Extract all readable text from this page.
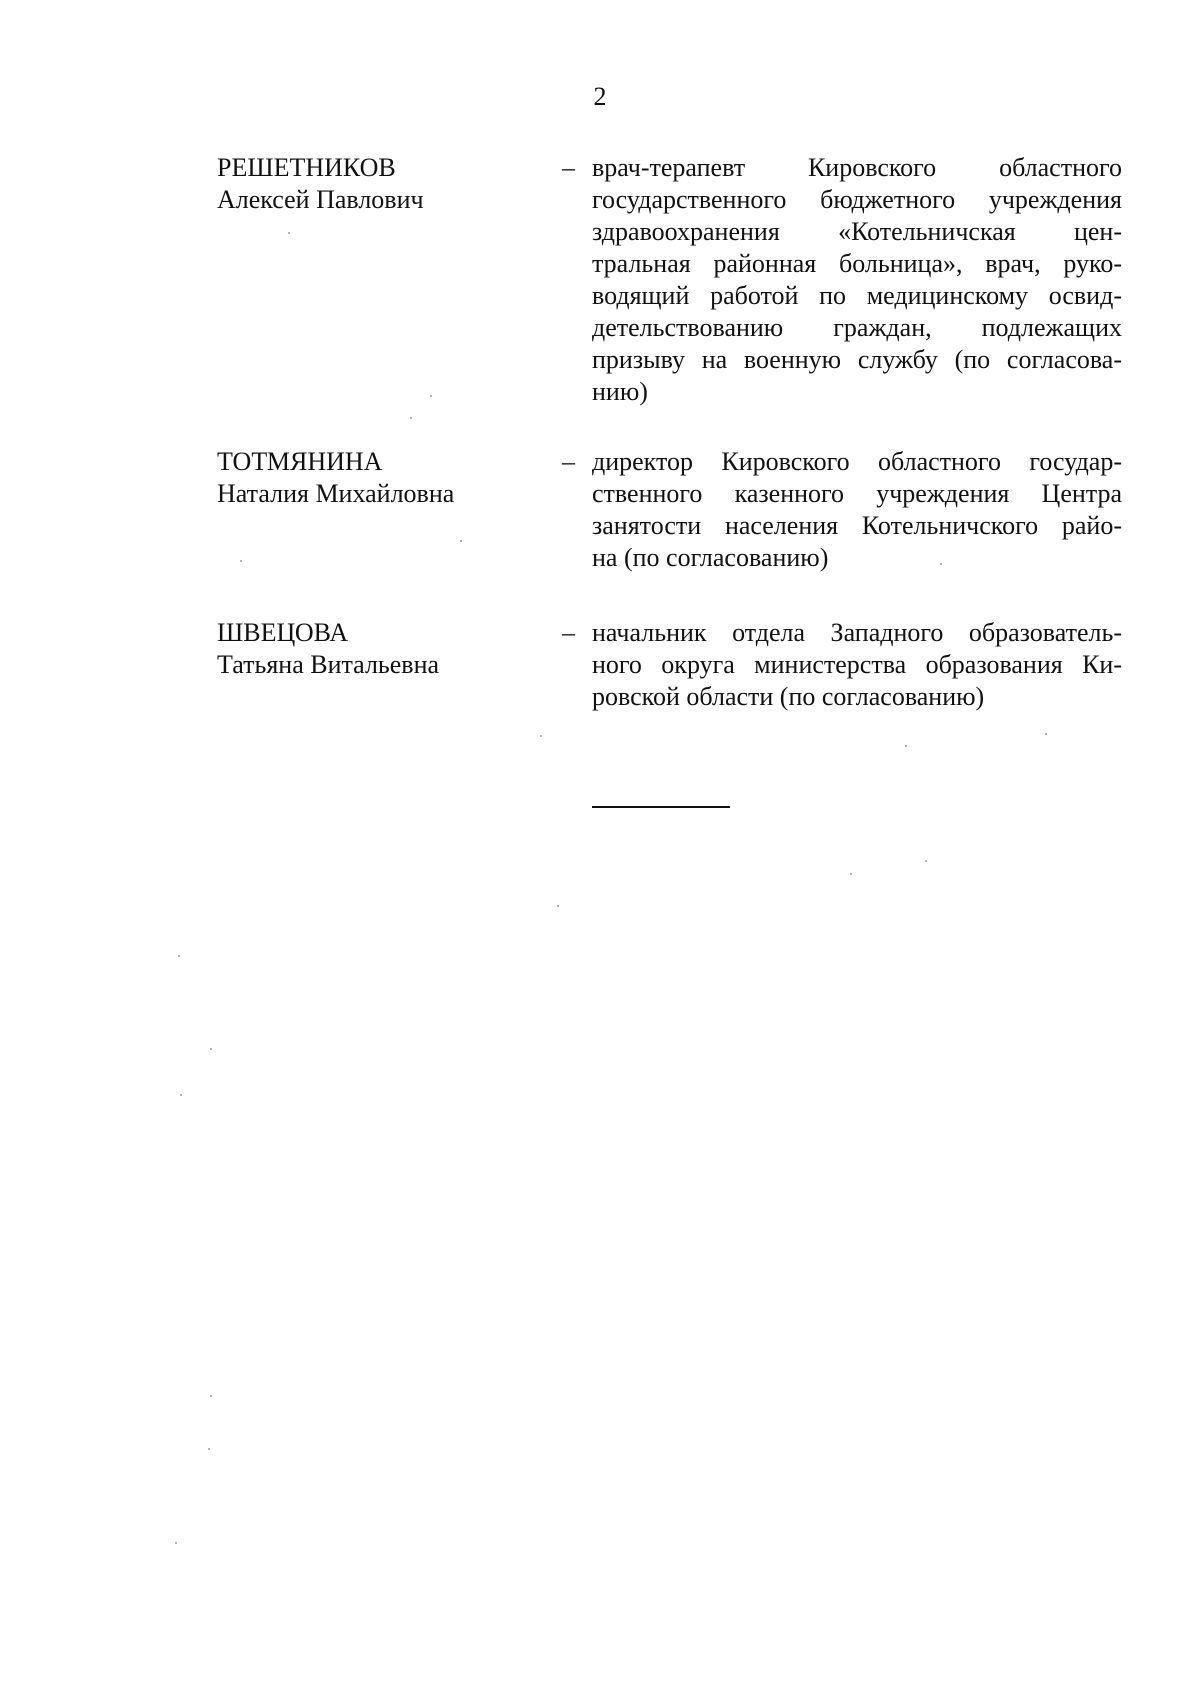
2
РЕШЕТНИКОВ
Алексей Павлович
– врач-терапевт Кировского областного
государственного бюджетного учреждения
здравоохранения «Котельничская цен-
тральная районная больница», врач, руко-
водящий работой по медицинскому освид-
детельствованию граждан, подлежащих
призыву на военную службу (по согласова-
нию)
ТОТМЯНИНА
Наталия Михайловна
– директор Кировского областного государ-
ственного казенного учреждения Центра
занятости населения Котельничского райо-
на (по согласованию)
ШВЕЦОВА
Татьяна Витальевна
– начальник отдела Западного образователь-
ного округа министерства образования Ки-
ровской области (по согласованию)
